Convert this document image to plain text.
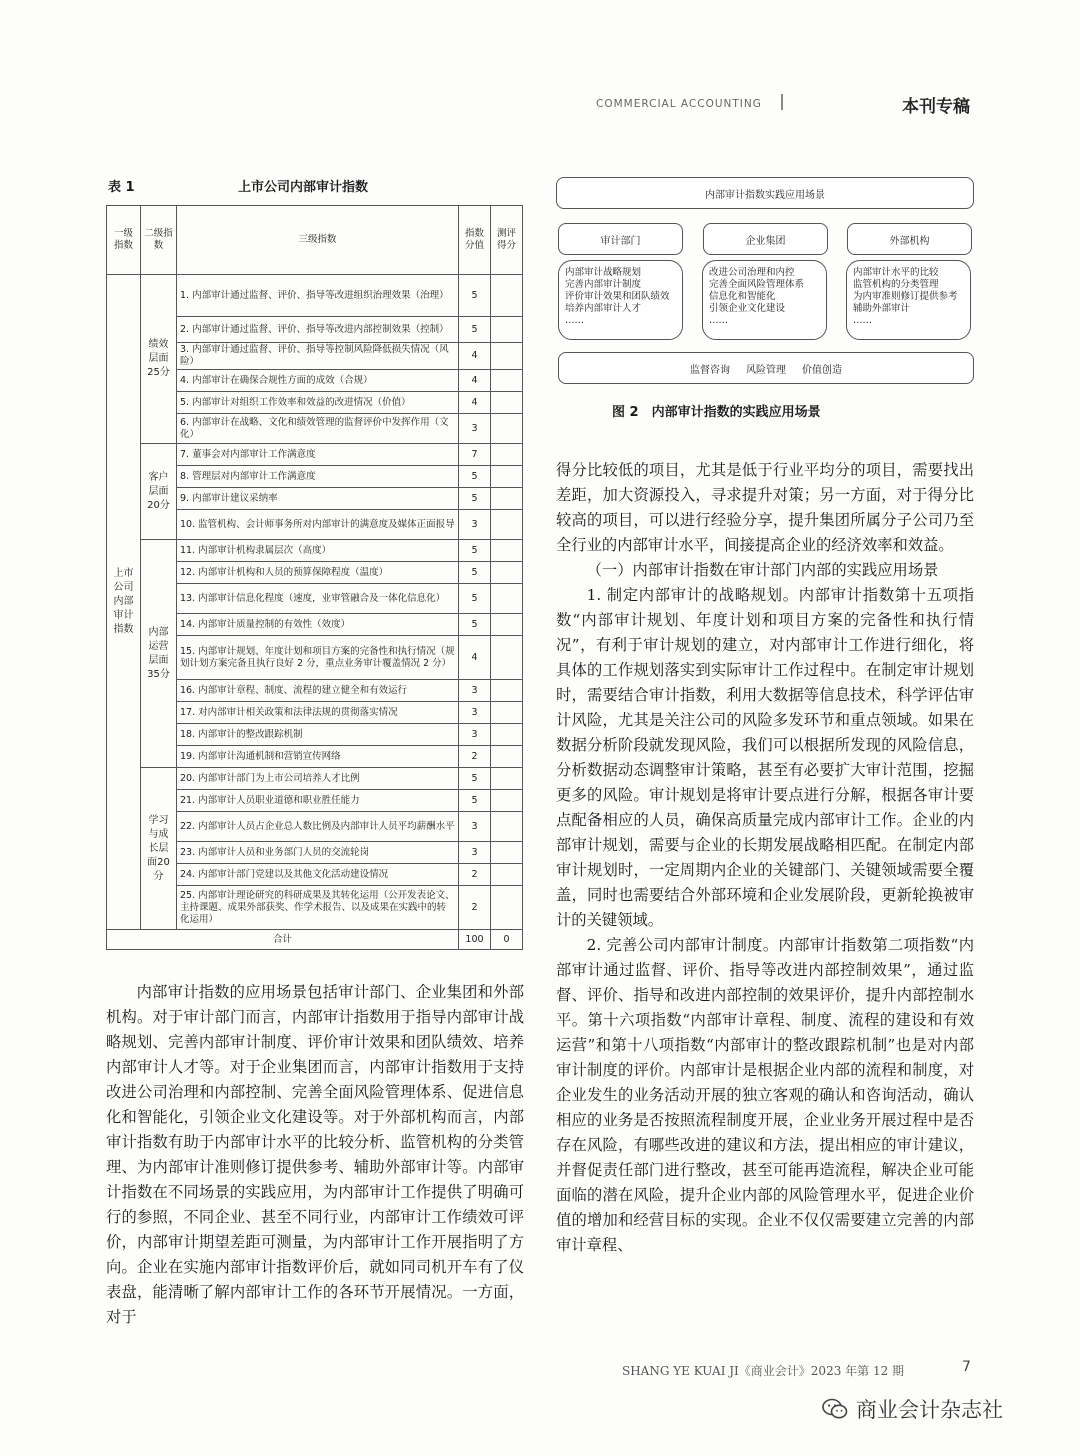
COMMERCIAL ACCOUNTING	本刊专稿
表 1	上市公司内部审计指数
一级指数	二级指数	三级指数	指数分值	测评得分
上市公司内部审计指数	绩效层面25分	1. 内部审计通过监督、评价、指导等改进组织治理效果（治理）	5	
		2. 内部审计通过监督、评价、指导等改进内部控制效果（控制）	5	
		3. 内部审计通过监督、评价、指导等控制风险降低损失情况（风险）	4	
		4. 内部审计在确保合规性方面的成效（合规）	4	
		5. 内部审计对组织工作效率和效益的改进情况（价值）	4	
		6. 内部审计在战略、文化和绩效管理的监督评价中发挥作用（文化）	3	
	客户层面20分	7. 董事会对内部审计工作满意度	7	
		8. 管理层对内部审计工作满意度	5	
		9. 内部审计建议采纳率	5	
		10. 监管机构、会计师事务所对内部审计的满意度及媒体正面报导	3	
	内部运营层面35分	11. 内部审计机构隶属层次（高度）	5	
		12. 内部审计机构和人员的预算保障程度（温度）	5	
		13. 内部审计信息化程度（速度，业审管融合及一体化信息化）	5	
		14. 内部审计质量控制的有效性（效度）	5	
		15. 内部审计规划、年度计划和项目方案的完备性和执行情况（规划计划方案完备且执行良好 2 分，重点业务审计覆盖情况 2 分）	4	
		16. 内部审计章程、制度、流程的建立健全和有效运行	3	
		17. 对内部审计相关政策和法律法规的贯彻落实情况	3	
		18. 内部审计的整改跟踪机制	3	
		19. 内部审计沟通机制和营销宣传网络	2	
	学习与成长层面20分	20. 内部审计部门为上市公司培养人才比例	5	
		21. 内部审计人员职业道德和职业胜任能力	5	
		22. 内部审计人员占企业总人数比例及内部审计人员平均薪酬水平	3	
		23. 内部审计人员和业务部门人员的交流轮岗	3	
		24. 内部审计部门党建以及其他文化活动建设情况	2	
		25. 内部审计理论研究的科研成果及其转化运用（公开发表论文、主持课题、成果外部获奖、作学术报告、以及成果在实践中的转化运用）	2	
合计			100	0
内部审计指数实践应用场景
审计部门	企业集团	外部机构
内部审计战略规划
完善内部审计制度
评价审计效果和团队绩效
培养内部审计人才
……
改进公司治理和内控
完善全面风险管理体系
信息化和智能化
引领企业文化建设
……
内部审计水平的比较
监管机构的分类管理
为内审准则修订提供参考
辅助外部审计
……
监督咨询 风险管理 价值创造
图 2　内部审计指数的实践应用场景

内部审计指数的应用场景包括审计部门、企业集团和外部机构。对于审计部门而言，内部审计指数用于指导内部审计战略规划、完善内部审计制度、评价审计效果和团队绩效、培养内部审计人才等。对于企业集团而言，内部审计指数用于支持改进公司治理和内部控制、完善全面风险管理体系、促进信息化和智能化，引领企业文化建设等。对于外部机构而言，内部审计指数有助于内部审计水平的比较分析、监管机构的分类管理、为内部审计准则修订提供参考、辅助外部审计等。内部审计指数在不同场景的实践应用，为内部审计工作提供了明确可行的参照，不同企业、甚至不同行业，内部审计工作绩效可评价，内部审计期望差距可测量，为内部审计工作开展指明了方向。企业在实施内部审计指数评价后，就如同司机开车有了仪表盘，能清晰了解内部审计工作的各环节开展情况。一方面，对于

得分比较低的项目，尤其是低于行业平均分的项目，需要找出差距，加大资源投入，寻求提升对策；另一方面，对于得分比较高的项目，可以进行经验分享，提升集团所属分子公司乃至全行业的内部审计水平，间接提高企业的经济效率和效益。

（一）内部审计指数在审计部门内部的实践应用场景

1. 制定内部审计的战略规划。内部审计指数第十五项指数“内部审计规划、年度计划和项目方案的完备性和执行情况”，有利于审计规划的建立，对内部审计工作进行细化，将具体的工作规划落实到实际审计工作过程中。在制定审计规划时，需要结合审计指数，利用大数据等信息技术，科学评估审计风险，尤其是关注公司的风险多发环节和重点领域。如果在数据分析阶段就发现风险，我们可以根据所发现的风险信息，分析数据动态调整审计策略，甚至有必要扩大审计范围，挖掘更多的风险。审计规划是将审计要点进行分解，根据各审计要点配备相应的人员，确保高质量完成内部审计工作。企业的内部审计规划，需要与企业的长期发展战略相匹配。在制定内部审计规划时，一定周期内企业的关键部门、关键领域需要全覆盖，同时也需要结合外部环境和企业发展阶段，更新轮换被审计的关键领域。

2. 完善公司内部审计制度。内部审计指数第二项指数“内部审计通过监督、评价、指导等改进内部控制效果”，通过监督、评价、指导和改进内部控制的效果评价，提升内部控制水平。第十六项指数“内部审计章程、制度、流程的建设和有效运营”和第十八项指数“内部审计的整改跟踪机制”也是对内部审计制度的评价。内部审计是根据企业内部的流程和制度，对企业发生的业务活动开展的独立客观的确认和咨询活动，确认相应的业务是否按照流程制度开展，企业业务开展过程中是否存在风险，有哪些改进的建议和方法，提出相应的审计建议，并督促责任部门进行整改，甚至可能再造流程，解决企业可能面临的潜在风险，提升企业内部的风险管理水平，促进企业价值的增加和经营目标的实现。企业不仅仅需要建立完善的内部审计章程、

SHANG YE KUAI JI《商业会计》2023 年第 12 期	7
商业会计杂志社
